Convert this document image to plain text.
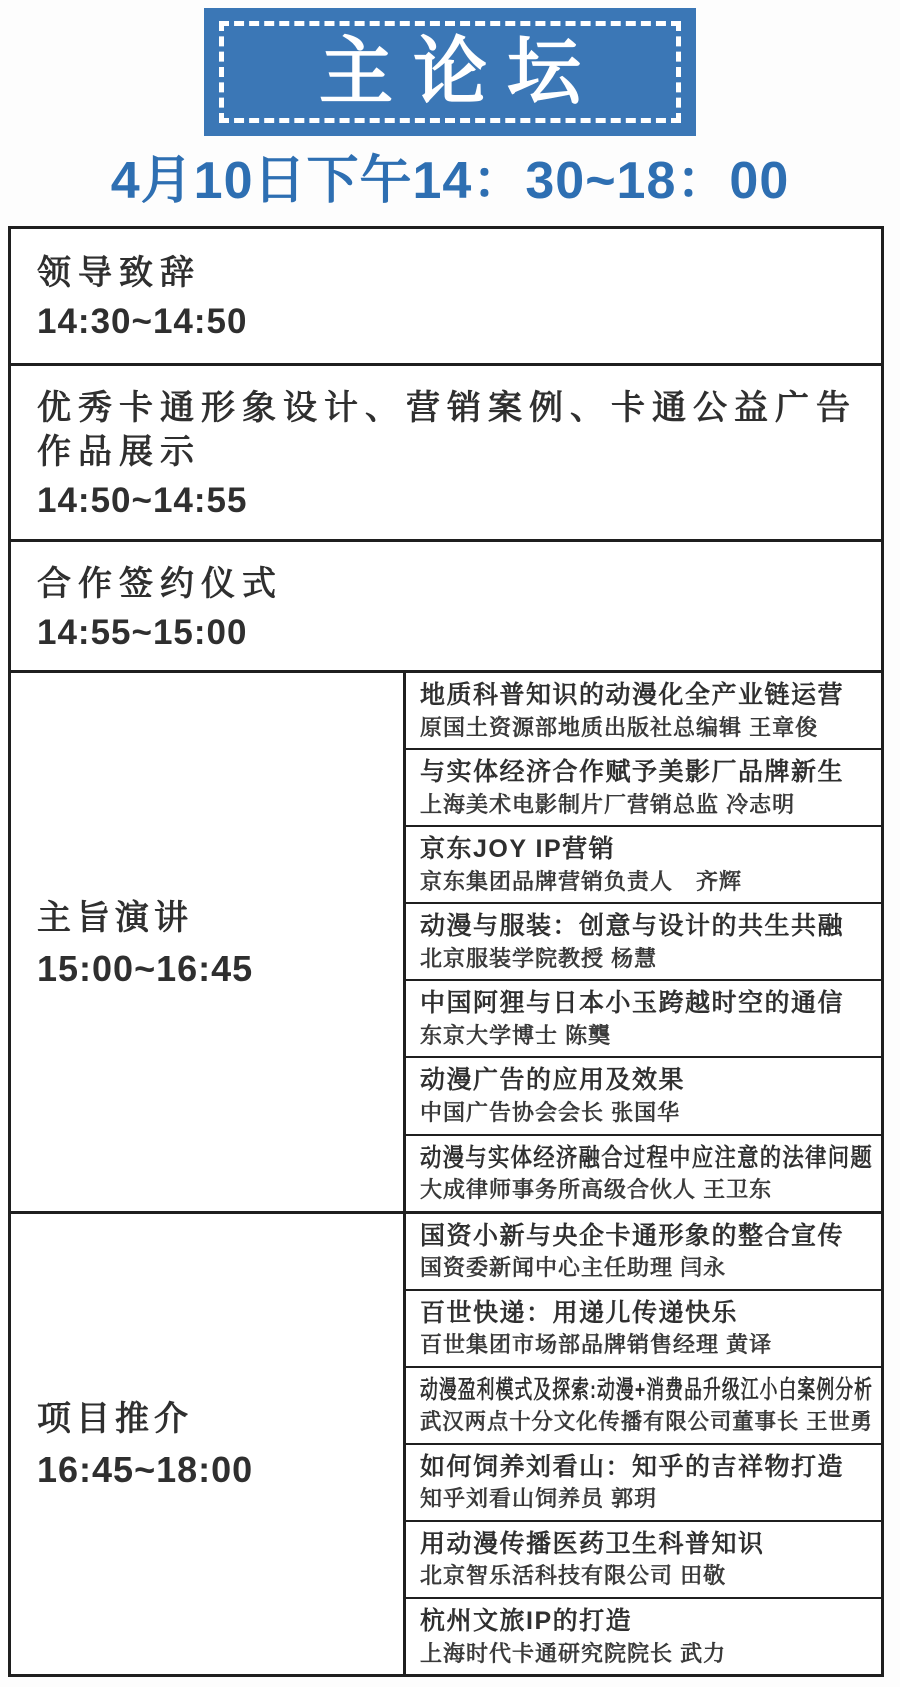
主论坛
4月10日下午14：30~18：00
领导致辞
14:30~14:50
优秀卡通形象设计、营销案例、卡通公益广告作品展示
14:50~14:55
合作签约仪式
14:55~15:00
主旨演讲
15:00~16:45
地质科普知识的动漫化全产业链运营
原国土资源部地质出版社总编辑 王章俊
与实体经济合作赋予美影厂品牌新生
上海美术电影制片厂营销总监 冷志明
京东JOY IP营销
京东集团品牌营销负责人　齐辉
动漫与服装：创意与设计的共生共融
北京服装学院教授 杨慧
中国阿狸与日本小玉跨越时空的通信
东京大学博士 陈龑
动漫广告的应用及效果
中国广告协会会长 张国华
动漫与实体经济融合过程中应注意的法律问题
大成律师事务所高级合伙人 王卫东
项目推介
16:45~18:00
国资小新与央企卡通形象的整合宣传
国资委新闻中心主任助理 闫永
百世快递：用递儿传递快乐
百世集团市场部品牌销售经理 黄译
动漫盈利模式及探索:动漫+消费品升级江小白案例分析
武汉两点十分文化传播有限公司董事长 王世勇
如何饲养刘看山：知乎的吉祥物打造
知乎刘看山饲养员 郭玥
用动漫传播医药卫生科普知识
北京智乐活科技有限公司 田敬
杭州文旅IP的打造
上海时代卡通研究院院长 武力
